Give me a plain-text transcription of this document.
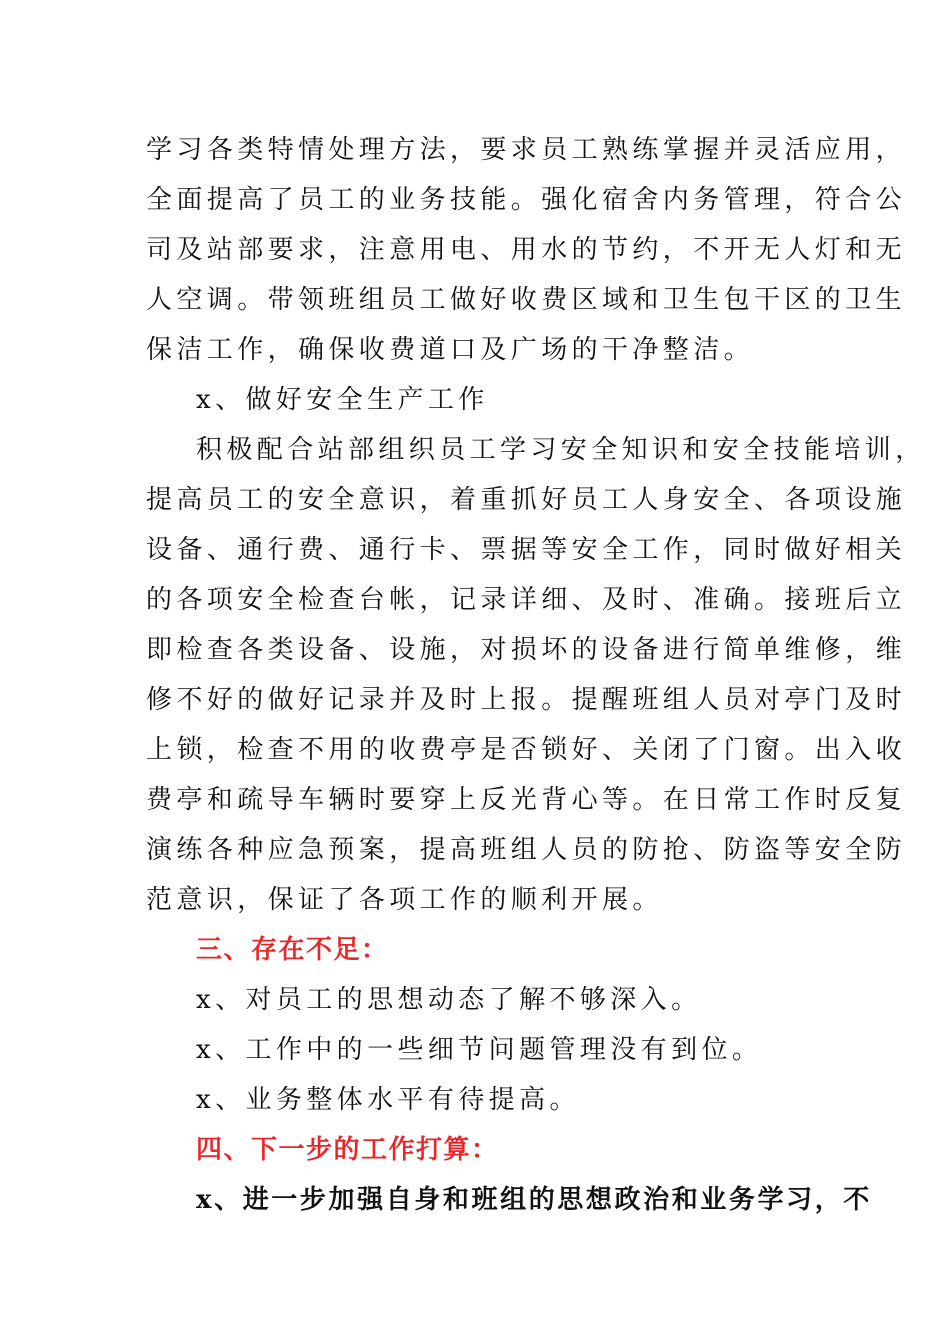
学习各类特情处理方法，要求员工熟练掌握并灵活应用，
全面提高了员工的业务技能。强化宿舍内务管理，符合公
司及站部要求，注意用电、用水的节约，不开无人灯和无
人空调。带领班组员工做好收费区域和卫生包干区的卫生
保洁工作，确保收费道口及广场的干净整洁。
x、做好安全生产工作
积极配合站部组织员工学习安全知识和安全技能培训，
提高员工的安全意识，着重抓好员工人身安全、各项设施
设备、通行费、通行卡、票据等安全工作，同时做好相关
的各项安全检查台帐，记录详细、及时、准确。接班后立
即检查各类设备、设施，对损坏的设备进行简单维修，维
修不好的做好记录并及时上报。提醒班组人员对亭门及时
上锁，检查不用的收费亭是否锁好、关闭了门窗。出入收
费亭和疏导车辆时要穿上反光背心等。在日常工作时反复
演练各种应急预案，提高班组人员的防抢、防盗等安全防
范意识，保证了各项工作的顺利开展。
三、存在不足：
x、对员工的思想动态了解不够深入。
x、工作中的一些细节问题管理没有到位。
x、业务整体水平有待提高。
四、下一步的工作打算：
x、进一步加强自身和班组的思想政治和业务学习，不
